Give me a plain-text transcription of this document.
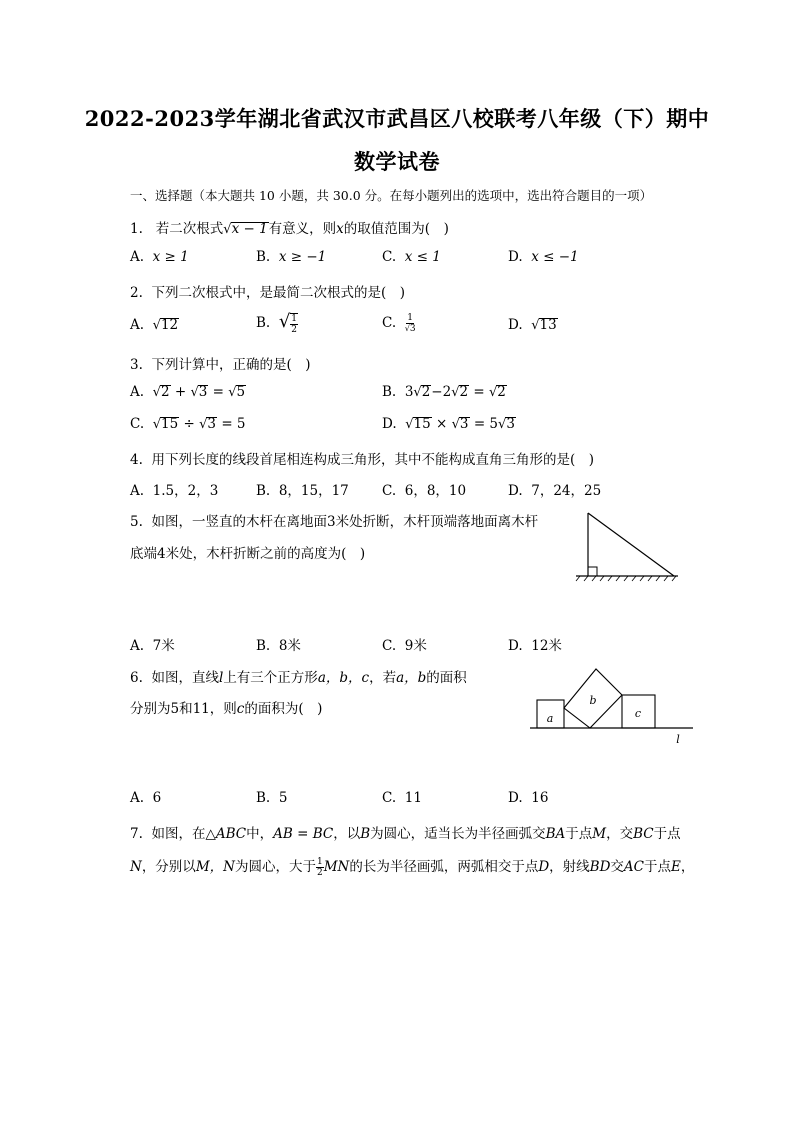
2022-2023学年湖北省武汉市武昌区八校联考八年级（下）期中
数学试卷
一、选择题（本大题共 10 小题，共 30.0 分。在每小题列出的选项中，选出符合题目的一项）
1. 若二次根式√x − 1有意义，则x的取值范围为(　)
A. x ≥ 1	B. x ≥ −1	C. x ≤ 1	D. x ≤ −1
2. 下列二次根式中，是最简二次根式的是(　)
A. √12	B. √ $\frac{1}{2}$	C. $\frac{1}{√3}$	D. √13
3. 下列计算中，正确的是(　)
A. √2 + √3 = √5	B. 3√2−2√2 = √2
C. √15 ÷ √3 = 5	D. √15 × √3 = 5√3
4. 用下列长度的线段首尾相连构成三角形，其中不能构成直角三角形的是(　)
A. 1.5，2，3	B. 8，15，17 C. 6，8，10	D. 7，24，25
5. 如图，一竖直的木杆在离地面3米处折断，木杆顶端落地面离木杆
底端4米处，木杆折断之前的高度为(　)
A. 7米	B. 8米	C. 9米	D. 12米
6. 如图，直线l上有三个正方形a，b，c，若a，b的面积
分别为5和11，则c的面积为(　)
a
b
c
l
A. 6	B. 5	C. 11	D. 16
7. 如图，在△ABC中，AB = BC，以B为圆心，适当长为半径画弧交BA于点M，交BC于点
N，分别以M，N为圆心，大于 $\frac{1}{2}$ MN的长为半径画弧，两弧相交于点D，射线BD交AC于点E，
